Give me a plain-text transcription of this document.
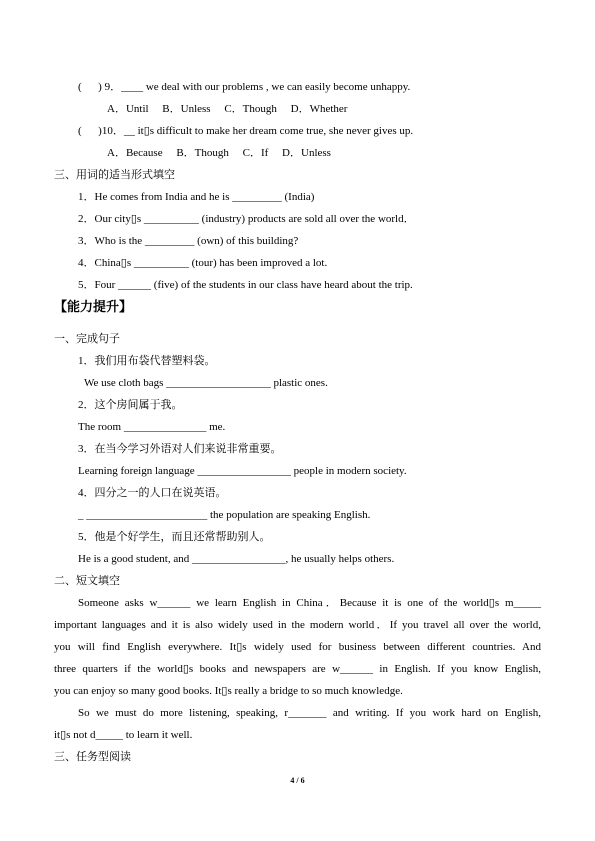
(      ) 9．____ we deal with our problems , we can easily become unhappy.
A．Until     B．Unless     C．Though     D．Whether
(      )10．__ it▯s difficult to make her dream come true, she never gives up.
A．Because     B．Though     C．If     D．Unless
三、用词的适当形式填空
1．He comes from India and he is _________ (India)
2．Our city▯s __________ (industry) products are sold all over the world．
3．Who is the _________ (own) of this building?
4．China▯s __________ (tour) has been improved a lot.
5．Four ______ (five) of the students in our class have heard about the trip.
【能力提升】
一、完成句子
1．我们用布袋代替塑料袋。
We use cloth bags ___________________ plastic ones.
2．这个房间属于我。
The room _______________ me.
3．在当今学习外语对人们来说非常重要。
Learning foreign language _________________ people in modern society.
4．四分之一的人口在说英语。
_ ______________________ the population are speaking English.
5．他是个好学生，而且还常帮助别人。
He is a good student, and _________________, he usually helps others.
二、短文填空
Someone asks w______ we learn English in China．Because it is one of the world▯s m_____
important languages and it is also widely used in the modern world．If you travel all over the world,
you will find English everywhere. It▯s widely used for business between different countries. And
three quarters if the world▯s books and newspapers are w______ in English. If you know English,
you can enjoy so many good books. It▯s really a bridge to so much knowledge.
So we must do more listening, speaking, r_______ and writing. If you work hard on English,
it▯s not d_____ to learn it well.
三、任务型阅读
4 / 6
